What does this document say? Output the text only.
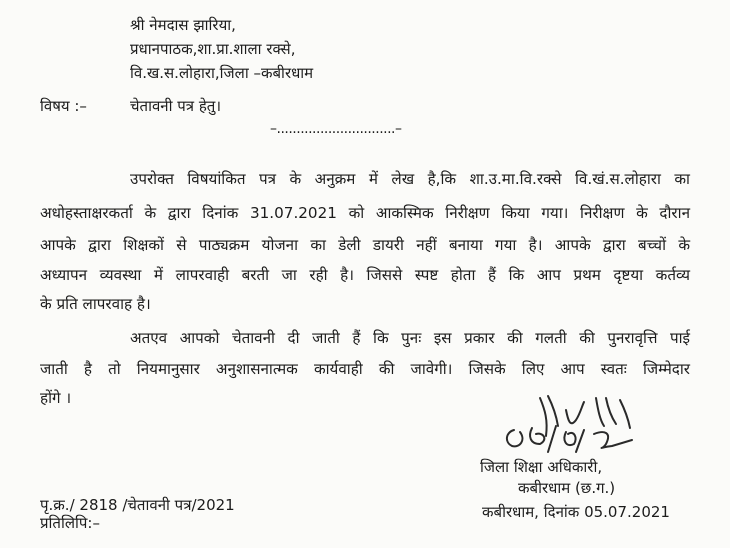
श्री नेमदास झारिया,
प्रधानपाठक,शा.प्रा.शाला रक्से,
वि.ख.स.लोहारा,जिला –कबीरधाम
विषय :–	चेतावनी पत्र हेतु।
–..............................–
उपरोक्त विषयांकित पत्र के अनुक्रम में लेख है,कि शा.उ.मा.वि.रक्से वि.खं.स.लोहारा का
अधोहस्ताक्षरकर्ता के द्वारा दिनांक 31.07.2021 को आकस्मिक निरीक्षण किया गया। निरीक्षण के दौरान
आपके द्वारा शिक्षकों से पाठ्यक्रम योजना का डेली डायरी नहीं बनाया गया है। आपके द्वारा बच्चों के
अध्यापन व्यवस्था में लापरवाही बरती जा रही है। जिससे स्पष्ट होता हैं कि आप प्रथम दृष्टया कर्तव्य
के प्रति लापरवाह है।
अतएव आपको चेतावनी दी जाती हैं कि पुनः इस प्रकार की गलती की पुनरावृत्ति पाई
जाती है तो नियमानुसार अनुशासनात्मक कार्यवाही की जावेगी। जिसके लिए आप स्वतः जिम्मेदार
होंगे ।
जिला शिक्षा अधिकारी,
कबीरधाम (छ.ग.)
कबीरधाम, दिनांक 05.07.2021
पृ.क्र./ 2818 /चेतावनी पत्र/2021
प्रतिलिपि:–
